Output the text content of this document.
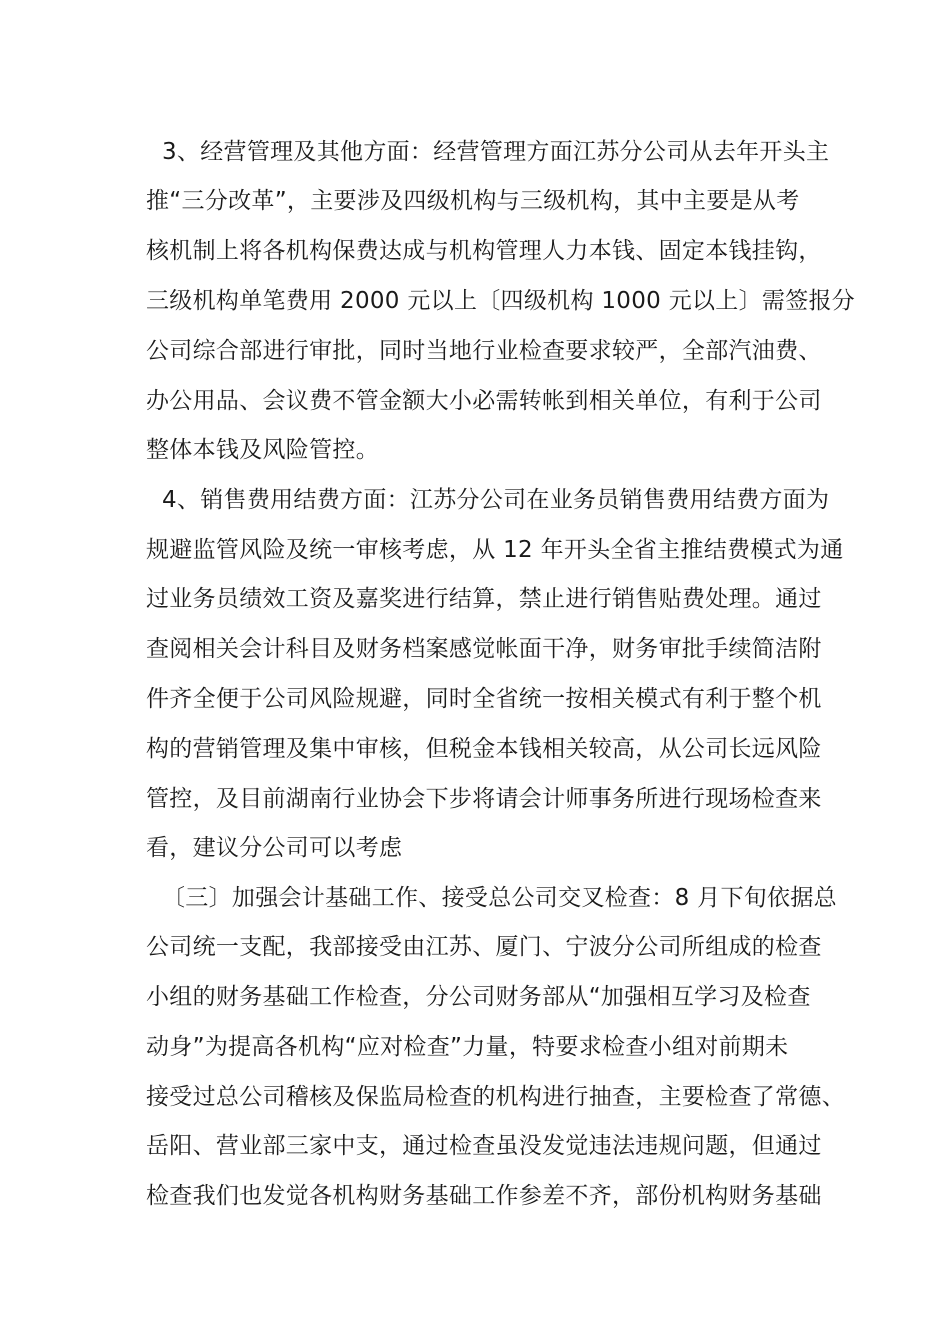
3、经营管理及其他方面：经营管理方面江苏分公司从去年开头主
推“三分改革”，主要涉及四级机构与三级机构，其中主要是从考
核机制上将各机构保费达成与机构管理人力本钱、固定本钱挂钩，
三级机构单笔费用 2000 元以上〔四级机构 1000 元以上〕需签报分
公司综合部进行审批，同时当地行业检查要求较严，全部汽油费、
办公用品、会议费不管金额大小必需转帐到相关单位，有利于公司
整体本钱及风险管控。
4、销售费用结费方面：江苏分公司在业务员销售费用结费方面为
规避监管风险及统一审核考虑，从 12 年开头全省主推结费模式为通
过业务员绩效工资及嘉奖进行结算，禁止进行销售贴费处理。通过
查阅相关会计科目及财务档案感觉帐面干净，财务审批手续简洁附
件齐全便于公司风险规避，同时全省统一按相关模式有利于整个机
构的营销管理及集中审核，但税金本钱相关较高，从公司长远风险
管控，及目前湖南行业协会下步将请会计师事务所进行现场检查来
看，建议分公司可以考虑
〔三〕加强会计基础工作、接受总公司交叉检查：8 月下旬依据总
公司统一支配，我部接受由江苏、厦门、宁波分公司所组成的检查
小组的财务基础工作检查，分公司财务部从“加强相互学习及检查
动身”为提高各机构“应对检查”力量，特要求检查小组对前期未
接受过总公司稽核及保监局检查的机构进行抽查，主要检查了常德、
岳阳、营业部三家中支，通过检查虽没发觉违法违规问题，但通过
检查我们也发觉各机构财务基础工作参差不齐，部份机构财务基础
